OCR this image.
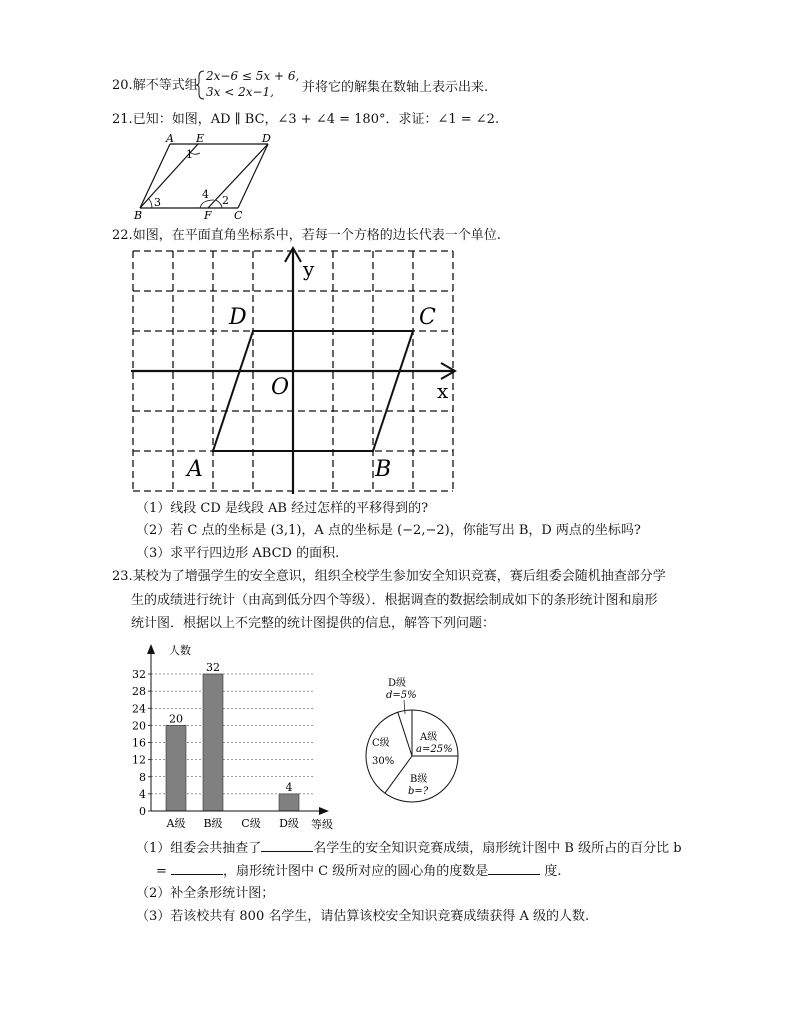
20.解不等式组
2x−6 ≤ 5x + 6,
3x < 2x−1, 并将它的解集在数轴上表示出来.
21.已知：如图，AD ∥ BC，∠3 + ∠4 = 180°．求证：∠1 = ∠2.
A E	D
B	F C
1
2
3
4
22.如图，在平面直角坐标系中，若每一个方格的边长代表一个单位.
y
x
O
D	C
A	B
（1）线段 CD 是线段 AB 经过怎样的平移得到的?
（2）若 C 点的坐标是 (3,1)，A 点的坐标是 (−2,−2)，你能写出 B，D 两点的坐标吗?
（3）求平行四边形 ABCD 的面积.
23.某校为了增强学生的安全意识，组织全校学生参加安全知识竞赛，赛后组委会随机抽查部分学
生的成绩进行统计（由高到低分四个等级）．根据调查的数据绘制成如下的条形统计图和扇形
统计图．根据以上不完整的统计图提供的信息，解答下列问题：
人数
等级
0
4
8
12
16
20
24
28
32
A级 B级 C级 D级
20
32
4
D级
d=5%
A级
a=25%
C级
30%
B级
b=?
（1）组委会共抽查了	名学生的安全知识竞赛成绩，扇形统计图中 B 级所占的百分比 b
=	，扇形统计图中 C 级所对应的圆心角的度数是	度.
（2）补全条形统计图；
（3）若该校共有 800 名学生，请估算该校安全知识竞赛成绩获得 A 级的人数.
